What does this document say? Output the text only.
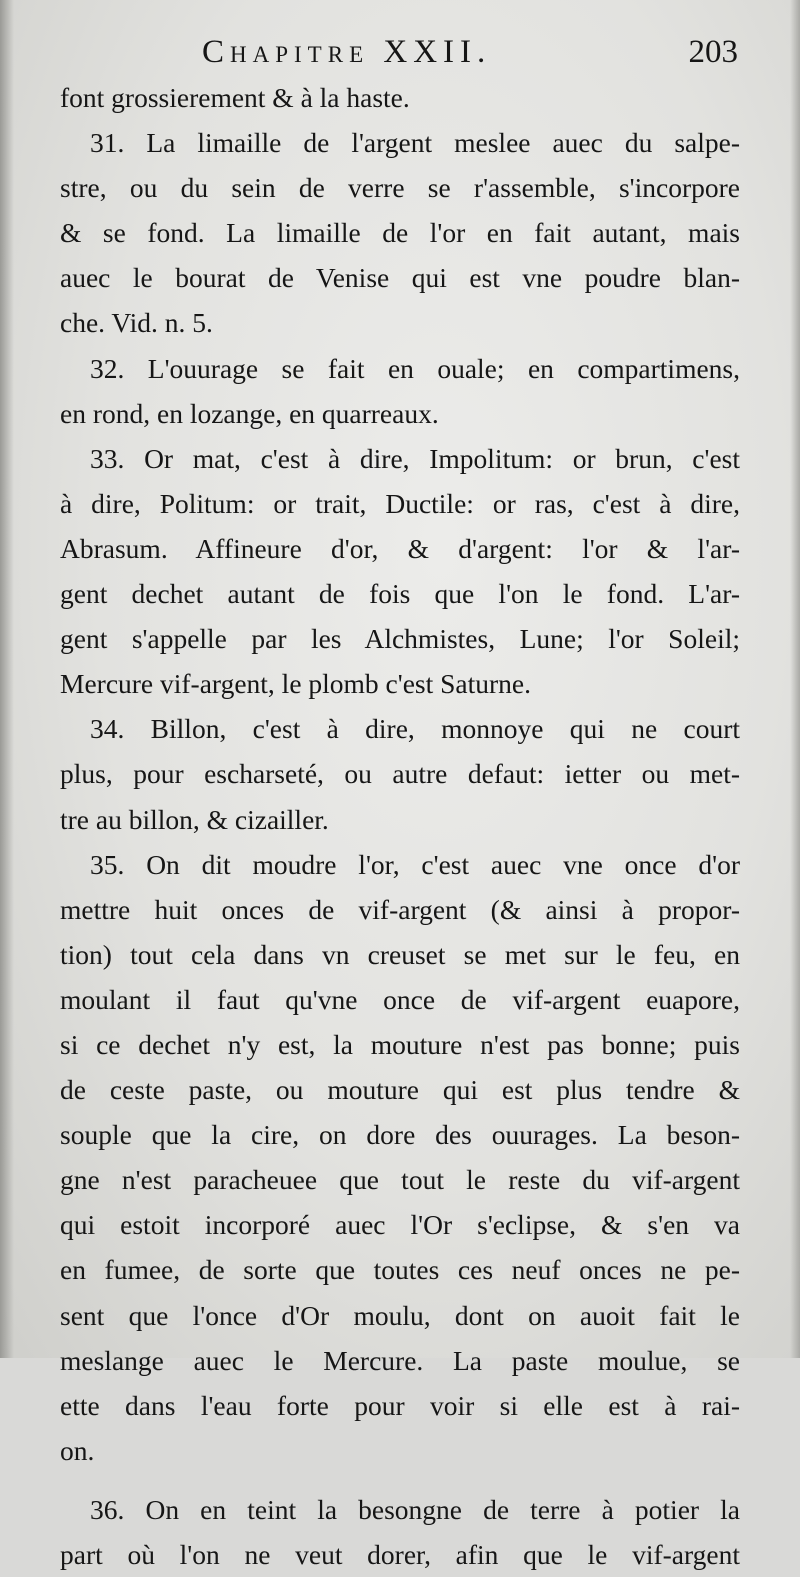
Chapitre XXII.	203
font grossierement & à la haste.
31. La limaille de l'argent meslee auec du salpe-
stre, ou du sein de verre se r'assemble, s'incorpore
& se fond. La limaille de l'or en fait autant, mais
auec le bourat de Venise qui est vne poudre blan-
che. Vid. n. 5.
32. L'ouurage se fait en ouale; en compartimens,
en rond, en lozange, en quarreaux.
33. Or mat, c'est à dire, Impolitum: or brun, c'est
à dire, Politum: or trait, Ductile: or ras, c'est à dire,
Abrasum. Affineure d'or, & d'argent: l'or & l'ar-
gent dechet autant de fois que l'on le fond. L'ar-
gent s'appelle par les Alchmistes, Lune; l'or Soleil;
Mercure vif-argent, le plomb c'est Saturne.
34. Billon, c'est à dire, monnoye qui ne court
plus, pour escharseté, ou autre defaut: ietter ou met-
tre au billon, & cizailler.
35. On dit moudre l'or, c'est auec vne once d'or
mettre huit onces de vif-argent (& ainsi à propor-
tion) tout cela dans vn creuset se met sur le feu, en
moulant il faut qu'vne once de vif-argent euapore,
si ce dechet n'y est, la mouture n'est pas bonne; puis
de ceste paste, ou mouture qui est plus tendre &
souple que la cire, on dore des ouurages. La beson-
gne n'est paracheuee que tout le reste du vif-argent
qui estoit incorporé auec l'Or s'eclipse, & s'en va
en fumee, de sorte que toutes ces neuf onces ne pe-
sent que l'once d'Or moulu, dont on auoit fait le
meslange auec le Mercure. La paste moulue, se
ette dans l'eau forte pour voir si elle est à rai-
on.
36. On en teint la besongne de terre à potier la
part où l'on ne veut dorer, afin que le vif-argent
